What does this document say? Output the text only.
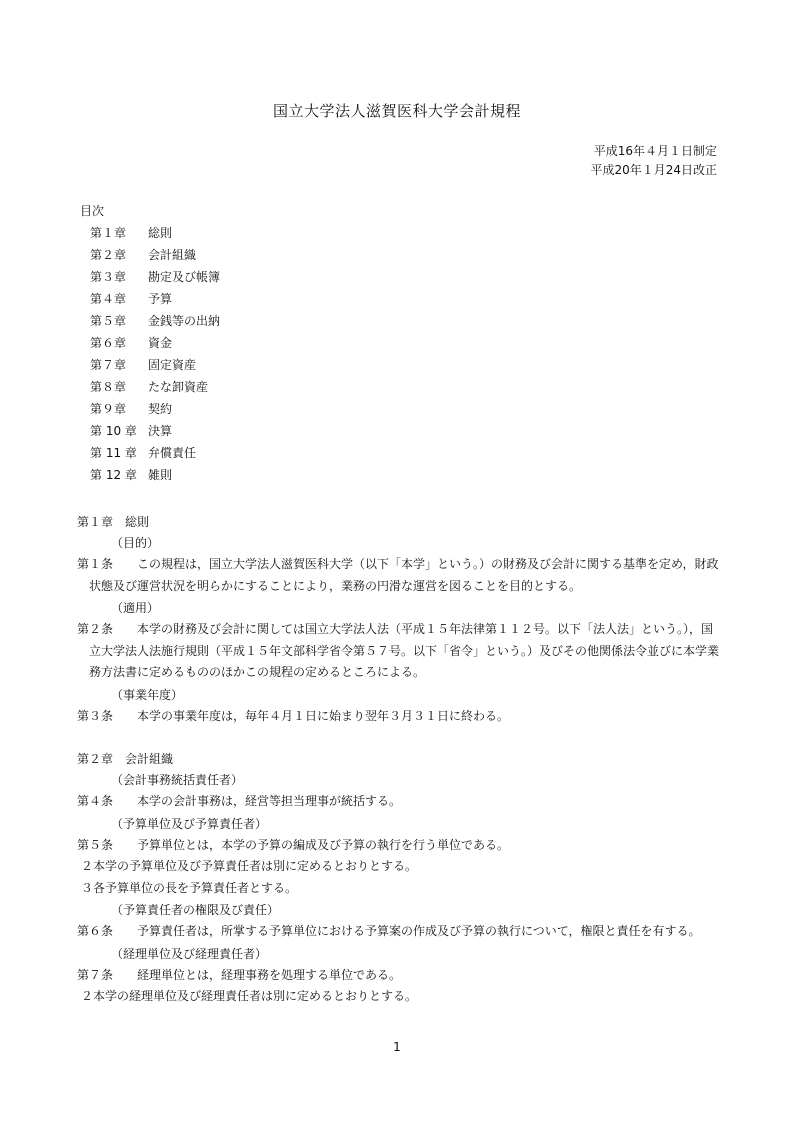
国立大学法人滋賀医科大学会計規程
平成16年４月１日制定
平成20年１月24日改正
目次
第１章 総則
第２章 会計組織
第３章 勘定及び帳簿
第４章 予算
第５章 金銭等の出納
第６章 資金
第７章 固定資産
第８章 たな卸資産
第９章 契約
第 10 章 決算
第 11 章 弁償責任
第 12 章 雑則
第１章 総則
（目的）

第１条 この規程は，国立大学法人滋賀医科大学（以下「本学」という。）の財務及び会計に関する基準を定め，財政状態及び運営状況を明らかにすることにより，業務の円滑な運営を図ることを目的とする。

（適用）

第２条 本学の財務及び会計に関しては国立大学法人法（平成１５年法律第１１２号。以下「法人法」という。），国立大学法人法施行規則（平成１５年文部科学省令第５７号。以下「省令」という。）及びその他関係法令並びに本学業務方法書に定めるもののほかこの規程の定めるところによる。

（事業年度）

第３条 本学の事業年度は，毎年４月１日に始まり翌年３月３１日に終わる。

第２章 会計組織
（会計事務統括責任者）

第４条 本学の会計事務は，経営等担当理事が統括する。

（予算単位及び予算責任者）

第５条 予算単位とは，本学の予算の編成及び予算の執行を行う単位である。

２本学の予算単位及び予算責任者は別に定めるとおりとする。

３各予算単位の長を予算責任者とする。

（予算責任者の権限及び責任）

第６条 予算責任者は，所掌する予算単位における予算案の作成及び予算の執行について，権限と責任を有する。

（経理単位及び経理責任者）

第７条 経理単位とは，経理事務を処理する単位である。

２本学の経理単位及び経理責任者は別に定めるとおりとする。

1
